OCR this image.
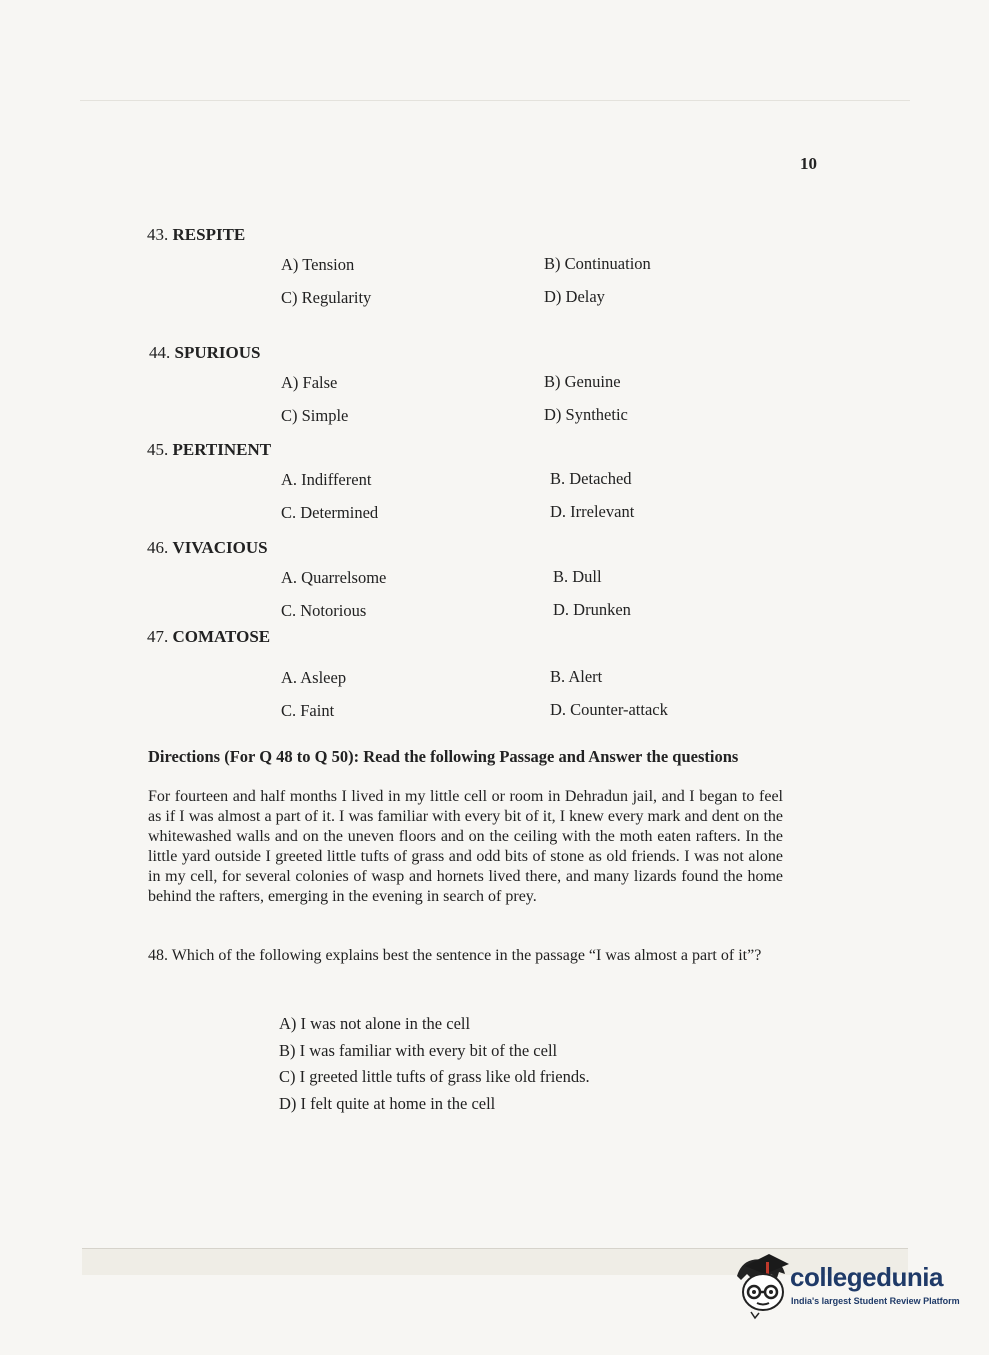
10
43. RESPITE
A) Tension	B) Continuation
C) Regularity	D) Delay
44. SPURIOUS
A) False	B) Genuine
C) Simple	D) Synthetic
45. PERTINENT
A. Indifferent	B. Detached
C. Determined	D. Irrelevant
46. VIVACIOUS
A. Quarrelsome	B. Dull
C. Notorious	D. Drunken
47. COMATOSE
A. Asleep	B. Alert
C. Faint	D. Counter-attack
Directions (For Q 48 to Q 50): Read the following Passage and Answer the questions
For fourteen and half months I lived in my little cell or room in Dehradun jail, and I began to feel as if I was almost a part of it. I was familiar with every bit of it, I knew every mark and dent on the whitewashed walls and on the uneven floors and on the ceiling with the moth eaten rafters. In the little yard outside I greeted little tufts of grass and odd bits of stone as old friends. I was not alone in my cell, for several colonies of wasp and hornets lived there, and many lizards found the home behind the rafters, emerging in the evening in search of prey.
48. Which of the following explains best the sentence in the passage “I was almost a part of it”?
A) I was not alone in the cell
B) I was familiar with every bit of the cell
C) I greeted little tufts of grass like old friends.
D) I felt quite at home in the cell
collegedunia
India's largest Student Review Platform
